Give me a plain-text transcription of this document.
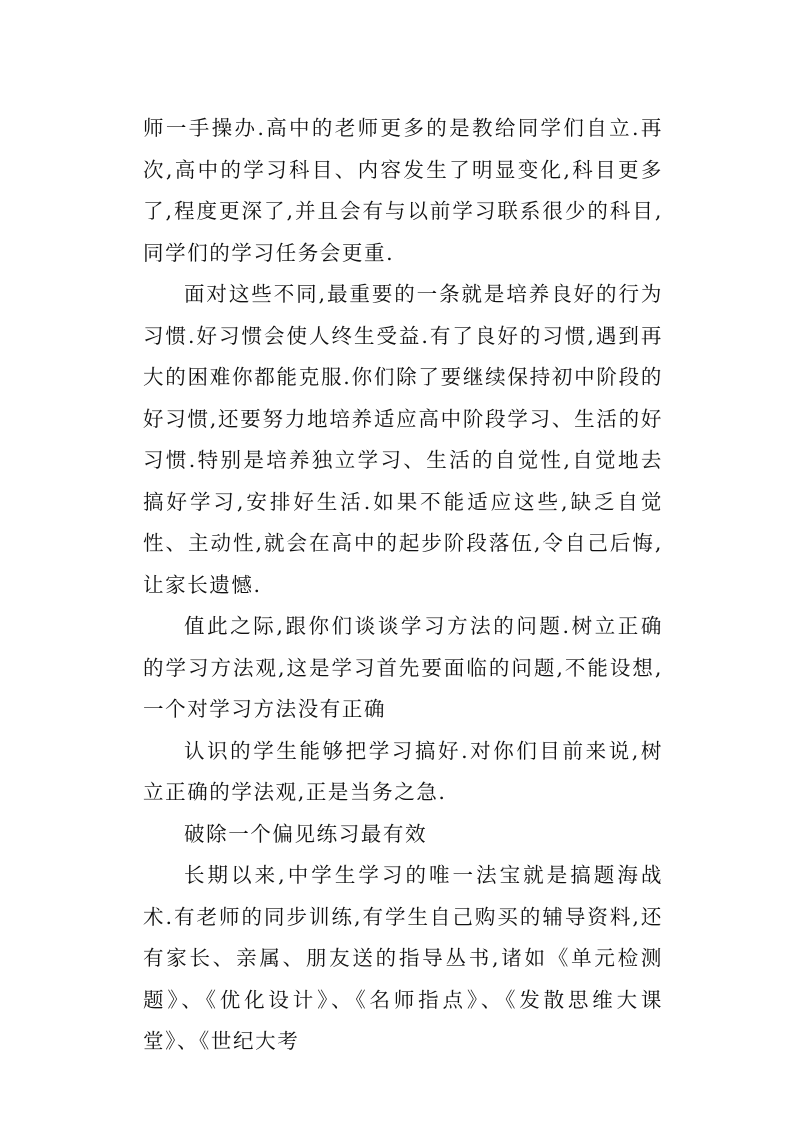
师一手操办.高中的老师更多的是教给同学们自立.再次,高中的学习科目、内容发生了明显变化,科目更多了,程度更深了,并且会有与以前学习联系很少的科目,同学们的学习任务会更重.

面对这些不同,最重要的一条就是培养良好的行为习惯.好习惯会使人终生受益.有了良好的习惯,遇到再大的困难你都能克服.你们除了要继续保持初中阶段的好习惯,还要努力地培养适应高中阶段学习、生活的好习惯.特别是培养独立学习、生活的自觉性,自觉地去搞好学习,安排好生活.如果不能适应这些,缺乏自觉性、主动性,就会在高中的起步阶段落伍,令自己后悔,让家长遗憾.

值此之际,跟你们谈谈学习方法的问题.树立正确的学习方法观,这是学习首先要面临的问题,不能设想,一个对学习方法没有正确

认识的学生能够把学习搞好.对你们目前来说,树立正确的学法观,正是当务之急.

破除一个偏见练习最有效

长期以来,中学生学习的唯一法宝就是搞题海战术.有老师的同步训练,有学生自己购买的辅导资料,还有家长、亲属、朋友送的指导丛书,诸如《单元检测题》、《优化设计》、《名师指点》、《发散思维大课堂》、《世纪大考
